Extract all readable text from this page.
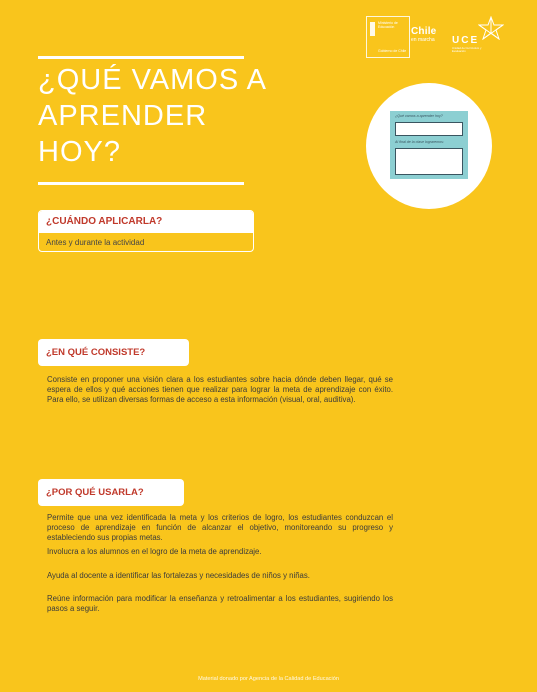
Ministerio de Educación
Gobierno de Chile
Chile
en marcha UCE
Unidad de Currículum y Evaluación
¿QUÉ VAMOS A APRENDER HOY?
¿Qué vamos a aprender hoy?
Al final de la clase lograremos:
¿CUÁNDO APLICARLA?
Antes y durante la actividad
¿EN QUÉ CONSISTE?

Consiste en proponer una visión clara a los estudiantes sobre hacia dónde deben llegar, qué se espera de ellos y qué acciones tienen que realizar para lograr la meta de aprendizaje con éxito. Para ello, se utilizan diversas formas de acceso a esta información (visual, oral, auditiva).

¿POR QUÉ USARLA?

Permite que una vez identificada la meta y los criterios de logro, los estudiantes conduzcan el proceso de aprendizaje en función de alcanzar el objetivo, monitoreando su progreso y estableciendo sus propias metas.

Involucra a los alumnos en el logro de la meta de aprendizaje.

Ayuda al docente a identificar las fortalezas y necesidades de niños y niñas.

Reúne información para modificar la enseñanza y retroalimentar a los estudiantes, sugiriendo los pasos a seguir.

Material donado por Agencia de la Calidad de Educación
